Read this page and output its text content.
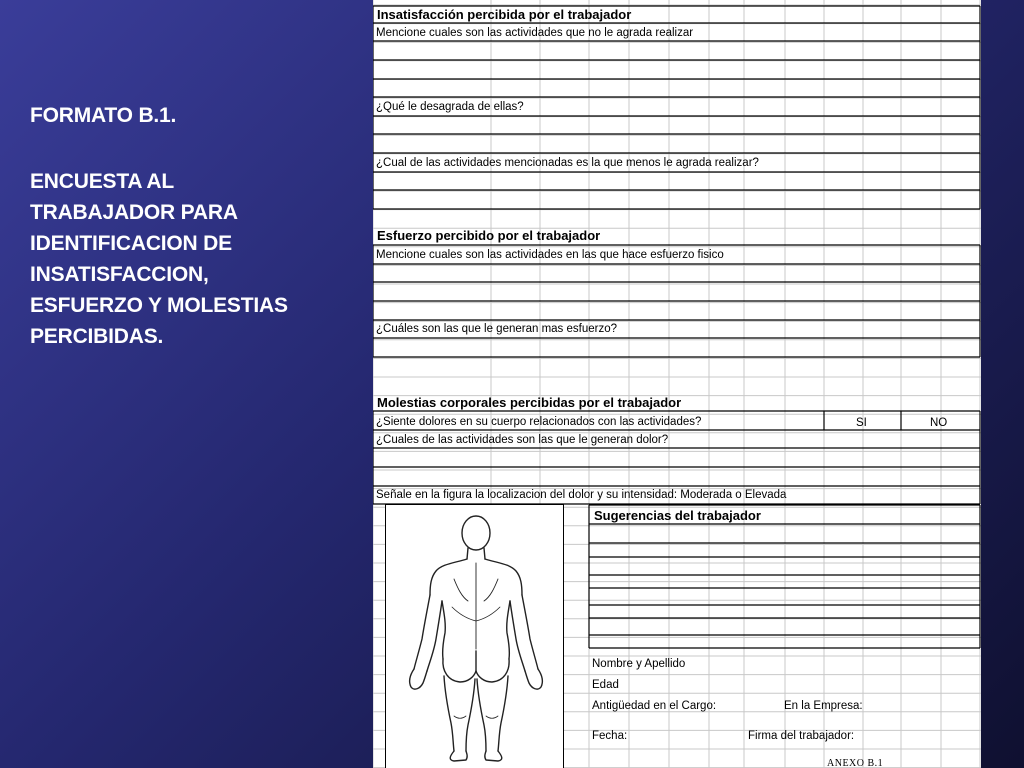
FORMATO B.1.

ENCUESTA AL

TRABAJADOR PARA

IDENTIFICACION DE

INSATISFACCION,

ESFUERZO Y MOLESTIAS

PERCIBIDAS.

Insatisfacción percibida por el trabajador
Mencione cuales son las actividades que no le agrada realizar
¿Qué le desagrada de ellas?
¿Cual de las actividades mencionadas es la que menos le agrada realizar?
Esfuerzo percibido por el trabajador
Mencione cuales son las actividades en las que hace esfuerzo fisico
¿Cuáles son las que le generan mas esfuerzo?
Molestias corporales percibidas por el trabajador
¿Siente dolores en su cuerpo relacionados con las actividades?	SI	NO
¿Cuales de las actividades son las que le generan dolor?
Señale en la figura la localizacion del dolor y su intensidad: Moderada o Elevada
Sugerencias del trabajador
Nombre y Apellido
Edad
Antigüedad en el Cargo:	En la Empresa:
Fecha:	Firma del trabajador:
ANEXO B.1
